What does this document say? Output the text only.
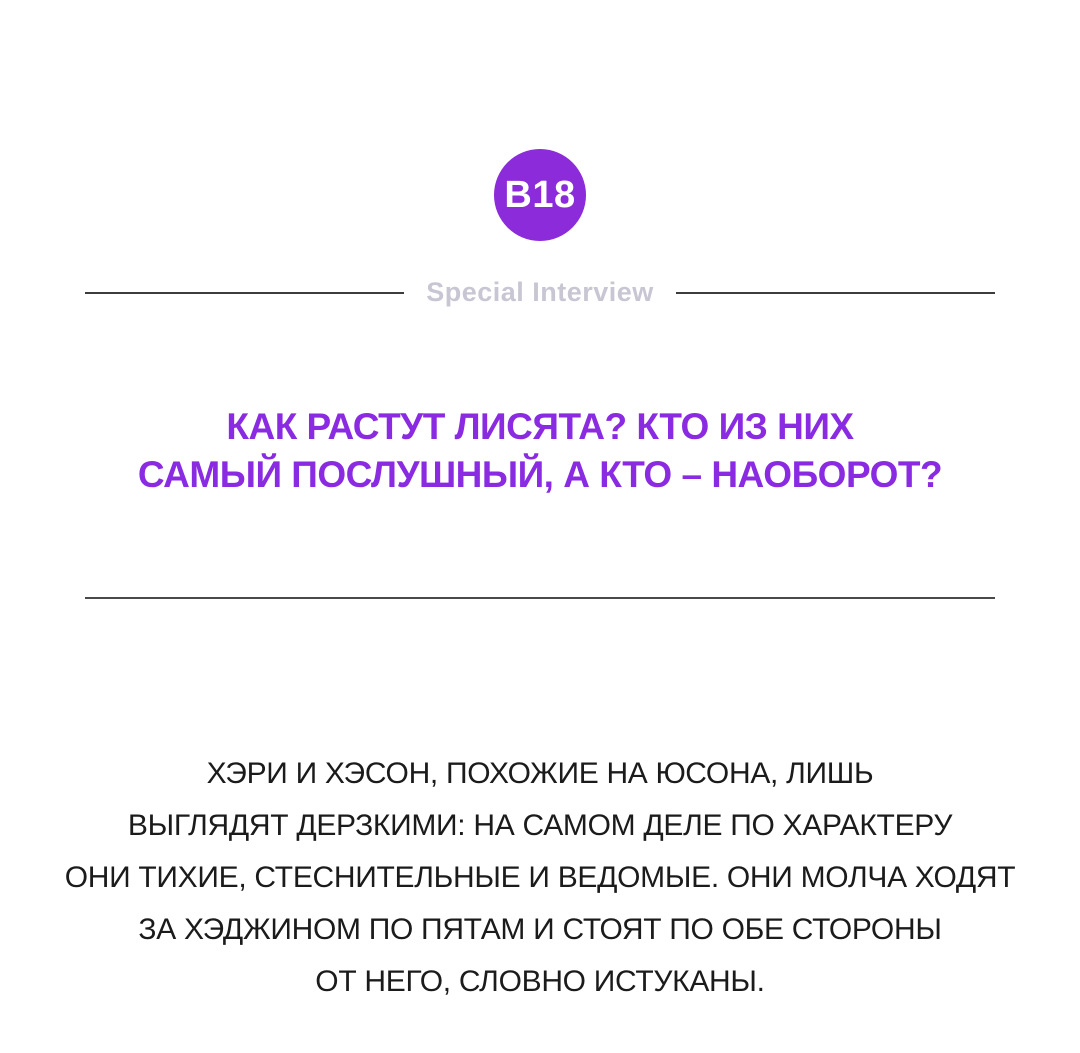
B18
Special Interview
КАК РАСТУТ ЛИСЯТА? КТО ИЗ НИХ
САМЫЙ ПОСЛУШНЫЙ, А КТО – НАОБОРОТ?
ХЭРИ И ХЭСОН, ПОХОЖИЕ НА ЮСОНА, ЛИШЬ
ВЫГЛЯДЯТ ДЕРЗКИМИ: НА САМОМ ДЕЛЕ ПО ХАРАКТЕРУ
ОНИ ТИХИЕ, СТЕСНИТЕЛЬНЫЕ И ВЕДОМЫЕ. ОНИ МОЛЧА ХОДЯТ
ЗА ХЭДЖИНОМ ПО ПЯТАМ И СТОЯТ ПО ОБЕ СТОРОНЫ
ОТ НЕГО, СЛОВНО ИСТУКАНЫ.
